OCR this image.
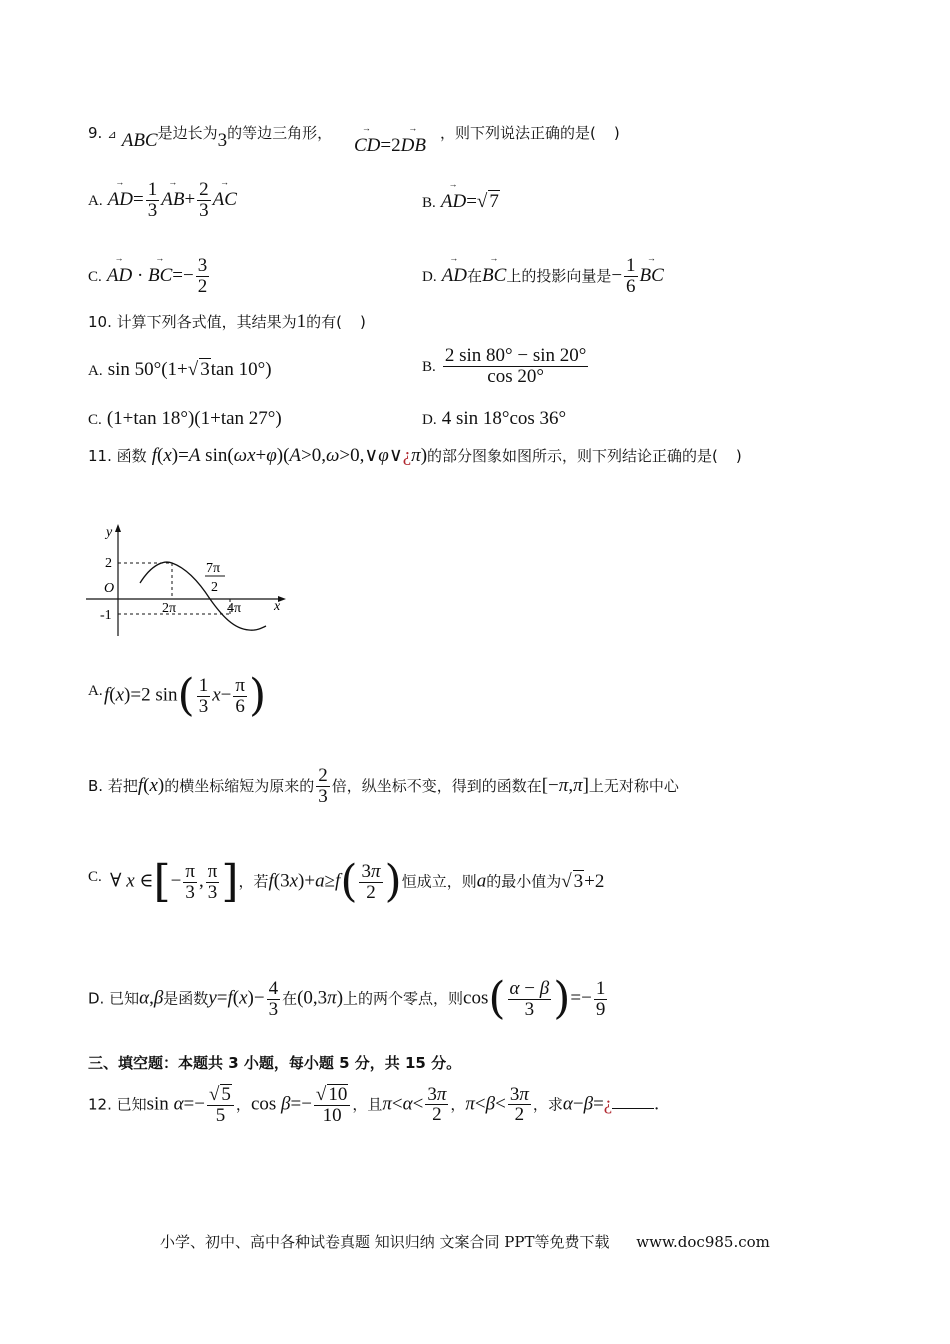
9. ⊿ ABC是边长为3的等边三角形，
→ CD=2→ DB
，则下列说法正确的是( )
A. → $AD= \frac{1}{3}$
→ $AB+ \frac{2}{3}$
→ AC	B. → AD=√ 7
C. → AD · → $BC=- \frac{3}{2}$	D. → AD在→ BC上的投影向量是− $\frac{1}{6}$
→ BC
10. 计算下列各式值，其结果为1的有( )
A. sin 50°(1+√ 3tan 10°)	B. $\frac{2 \sin 80^\circ - \sin 20^\circ}{\cos 20^\circ}$
C. (1+tan 18°)(1+tan 27°)	D. 4 sin 18°cos 36°
11. 函数 f(x)=A sin(ωx+φ)(A>0,ω>0,∨φ∨¿π)的部分图象如图所示，则下列结论正确的是( )
y
x
O
2
-1	2π	4π
7π
2
A. f(x)=2 $\sin( \frac{1}{3} x- \frac{\pi}{6}$ )
B. 若把f(x)的横坐标缩短为原来的 $\frac{2}{3}$ 倍，纵坐标不变，得到的函数在[−π,π]上无对称中心
C. ∀ x ∈[− $\frac{\pi}{3}$ , $\frac{\pi}{3}$ ]，若$f(3x)+a\ge f( \frac{3\pi}{2}$ )恒成立，则a的最小值为√ 3+2
D. 已知α,β是函数$y=f(x)- \frac{4}{3}$ 在(0,3π)上的两个零点，则$\cos( \frac{\alpha - \beta}{3}$ )=− $\frac{1}{9}$
三、填空题：本题共 3 小题，每小题 5 分，共 15 分。
12. 已知$\sin \alpha=- \frac{√ 5}{5}$ ，$\cos \beta=- \frac{√ 10}{10}$ ，且$\pi<\alpha< \frac{3\pi}{2}$ ，$\pi<\beta< \frac{3\pi}{2}$ ，求α−β=¿ .
小学、初中、高中各种试卷真题 知识归纳 文案合同 PPT等免费下载 www.doc985.com
